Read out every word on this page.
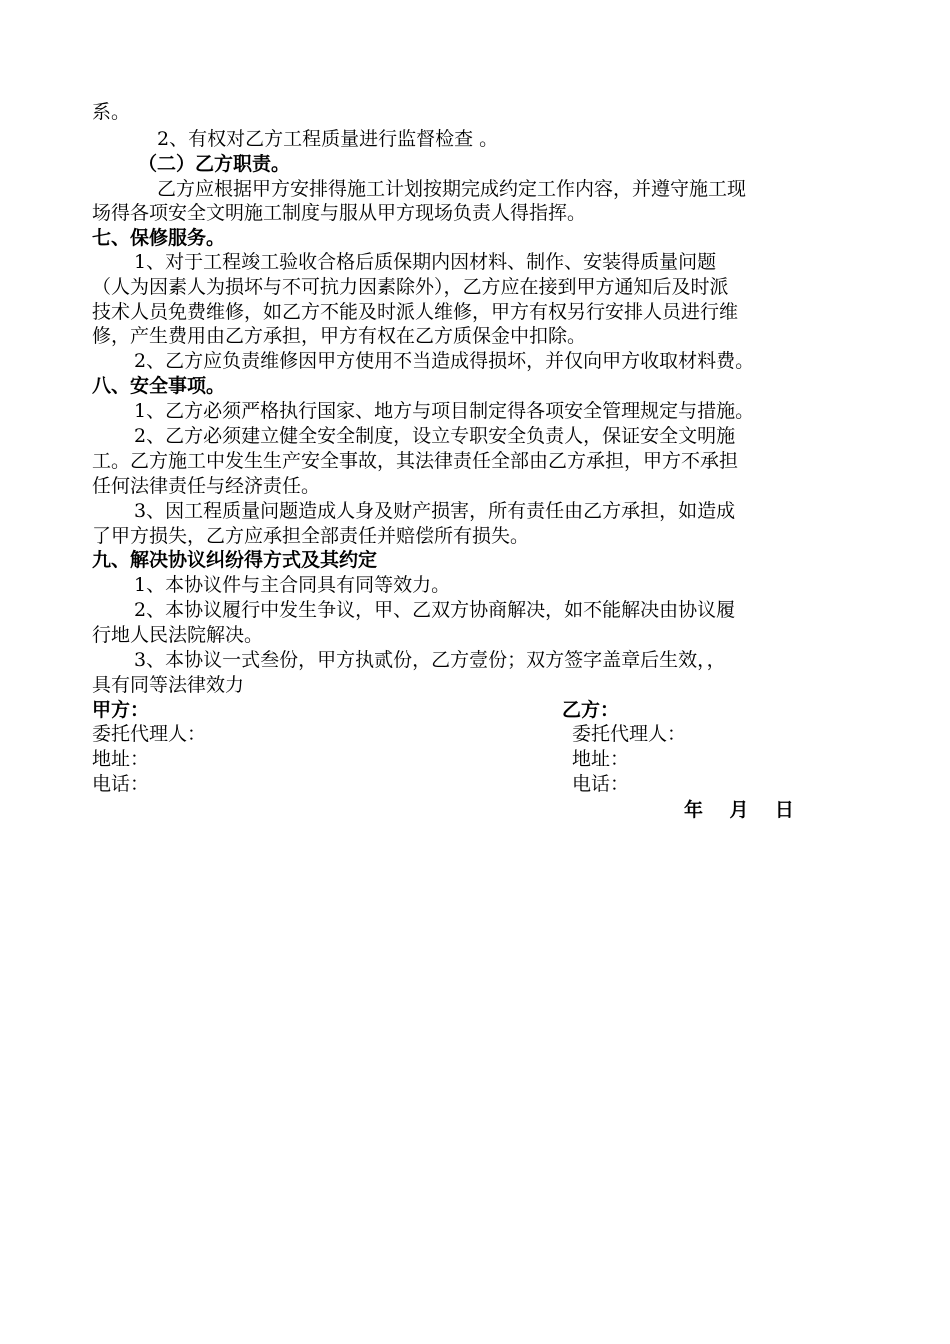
系。
2、有权对乙方工程质量进行监督检查 。
（二）乙方职责。
乙方应根据甲方安排得施工计划按期完成约定工作内容，并遵守施工现
场得各项安全文明施工制度与服从甲方现场负责人得指挥。
七、保修服务。
1、对于工程竣工验收合格后质保期内因材料、制作、安装得质量问题
（人为因素人为损坏与不可抗力因素除外），乙方应在接到甲方通知后及时派
技术人员免费维修，如乙方不能及时派人维修，甲方有权另行安排人员进行维
修，产生费用由乙方承担，甲方有权在乙方质保金中扣除。
2、乙方应负责维修因甲方使用不当造成得损坏，并仅向甲方收取材料费。
八、安全事项。
1、乙方必须严格执行国家、地方与项目制定得各项安全管理规定与措施。
2、乙方必须建立健全安全制度，设立专职安全负责人，保证安全文明施
工。乙方施工中发生生产安全事故，其法律责任全部由乙方承担，甲方不承担
任何法律责任与经济责任。
3、因工程质量问题造成人身及财产损害，所有责任由乙方承担，如造成
了甲方损失，乙方应承担全部责任并赔偿所有损失。
九、解决协议纠纷得方式及其约定
1、本协议件与主合同具有同等效力。
2、本协议履行中发生争议，甲、乙双方协商解决，如不能解决由协议履
行地人民法院解决。
3、本协议一式叁份，甲方执贰份，乙方壹份；双方签字盖章后生效，，
具有同等法律效力
甲方：	乙方：
委托代理人：	委托代理人：
地址：	地址：
电话：	电话：
年    月    日
